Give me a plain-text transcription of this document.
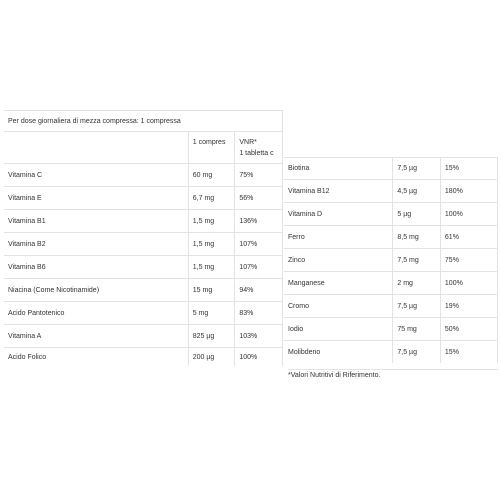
Per dose giornaliera di mezza compressa: 1 compressa		
	1 compres	VNR*
1 tabletta c
Vitamina C	60 mg	75%
Vitamina E	6,7 mg	56%
Vitamina B1	1,5 mg	136%
Vitamina B2	1,5 mg	107%
Vitamina B6	1,5 mg	107%
Niacina (Come Nicotinamide)	15 mg	94%
Acido Pantotenico	5 mg	83%
Vitamina A	825 µg	103%
Acido Folico	200 µg	100%
Biotina	7,5 µg	15%
Vitamina B12	4,5 µg	180%
Vitamina D	5 µg	100%
Ferro	8,5 mg	61%
Zinco	7,5 mg	75%
Manganese	2 mg	100%
Cromo	7,5 µg	19%
Iodio	75 mg	50%
Molibdeno	7,5 µg	15%
*Valori Nutritivi di Riferimento.
